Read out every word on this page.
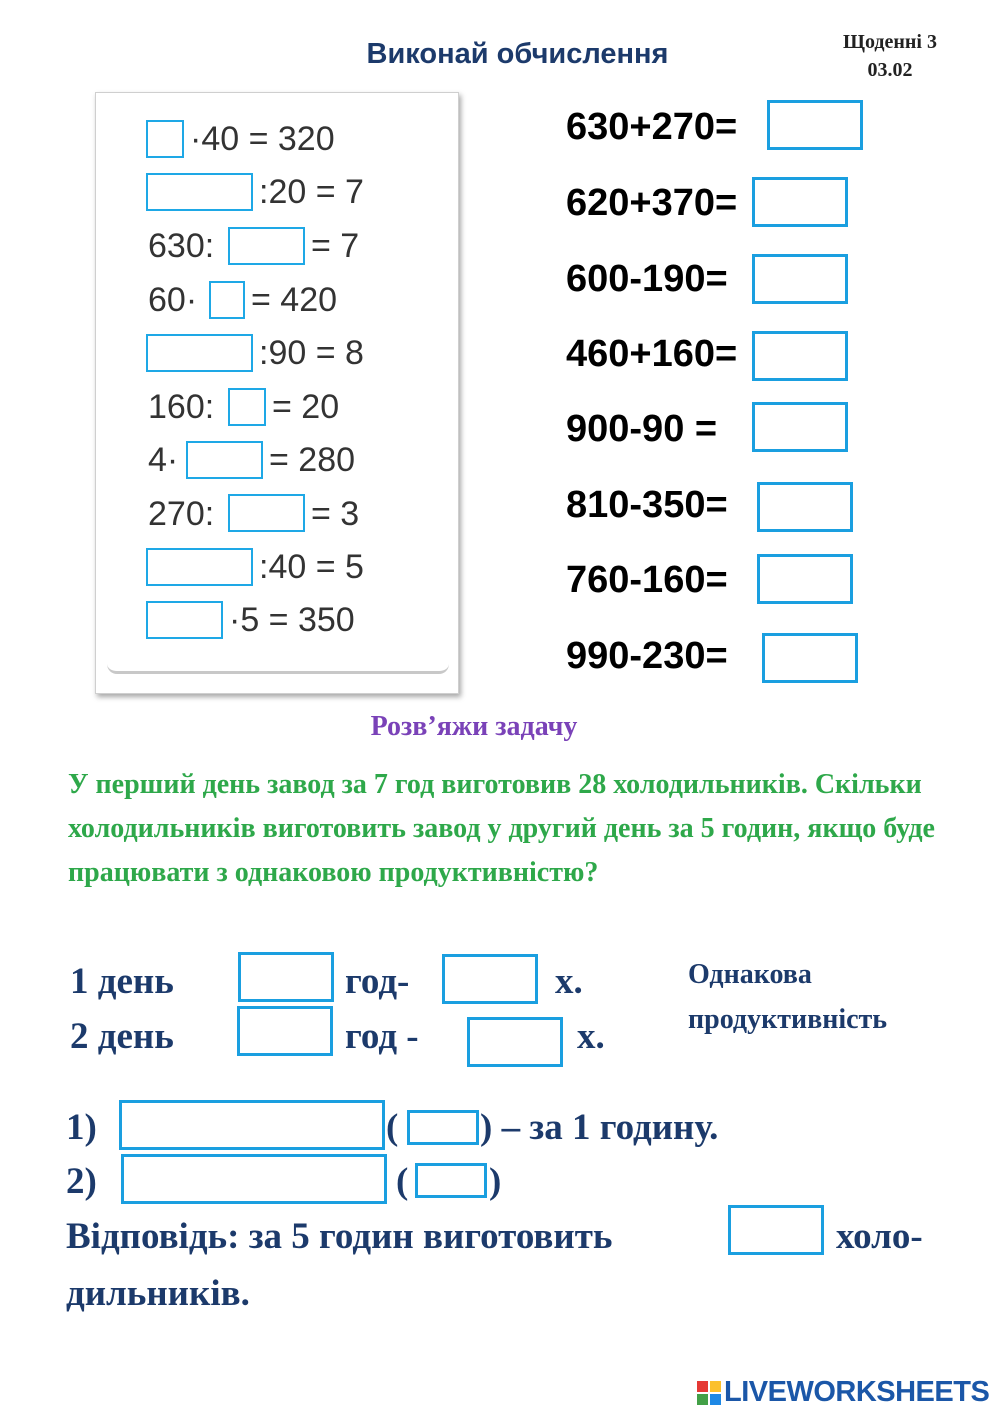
Виконай обчислення	Щоденні 3
03.02
·40 = 320
:20 = 7
630:	= 7
60· = 420
:90 = 8
160: = 20
4·	= 280
270:	= 3
:40 = 5
·5 = 350
630+270=
620+370=
600-190=
460+160=
900-90 =
810-350=
760-160=
990-230=
Розв’яжи задачу
У перший день завод за 7 год виготовив 28 холодильників. Скільки холодильників виготовить завод у другий день за 5 годин, якщо буде працювати з однаковою продуктивністю?
1 день	год-	х.
2 день	год -	х.
Однакова
продуктивність
1)	( ) – за 1 годину.
2)	( )
Відповідь: за 5 годин виготовить	холо-
дильників.
LIVEWORKSHEETS
